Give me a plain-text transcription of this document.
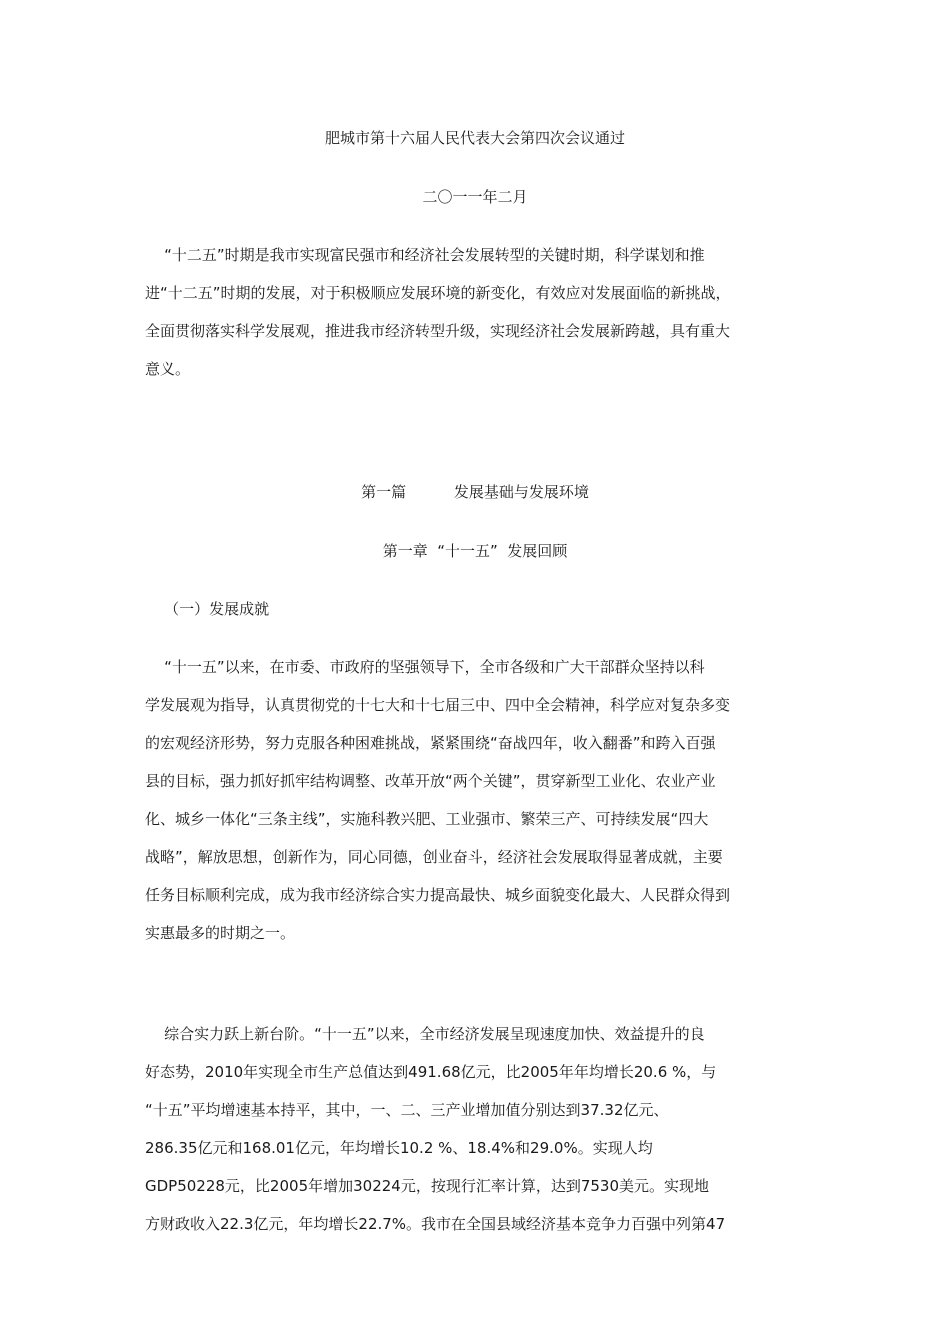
肥城市第十六届人民代表大会第四次会议通过
二〇一一年二月
“十二五”时期是我市实现富民强市和经济社会发展转型的关键时期，科学谋划和推
进“十二五”时期的发展，对于积极顺应发展环境的新变化，有效应对发展面临的新挑战，
全面贯彻落实科学发展观，推进我市经济转型升级，实现经济社会发展新跨越，具有重大
意义。
第一篇          发展基础与发展环境
第一章  “十一五”  发展回顾
（一）发展成就
“十一五”以来，在市委、市政府的坚强领导下，全市各级和广大干部群众坚持以科
学发展观为指导，认真贯彻党的十七大和十七届三中、四中全会精神，科学应对复杂多变
的宏观经济形势，努力克服各种困难挑战，紧紧围绕“奋战四年，收入翻番”和跨入百强
县的目标，强力抓好抓牢结构调整、改革开放“两个关键”，贯穿新型工业化、农业产业
化、城乡一体化“三条主线”，实施科教兴肥、工业强市、繁荣三产、可持续发展“四大
战略”，解放思想，创新作为，同心同德，创业奋斗，经济社会发展取得显著成就，主要
任务目标顺利完成，成为我市经济综合实力提高最快、城乡面貌变化最大、人民群众得到
实惠最多的时期之一。
综合实力跃上新台阶。“十一五”以来，全市经济发展呈现速度加快、效益提升的良
好态势，2010年实现全市生产总值达到491.68亿元，比2005年年均增长20.6 %，与
“十五”平均增速基本持平，其中，一、二、三产业增加值分别达到37.32亿元、
286.35亿元和168.01亿元，年均增长10.2 %、18.4%和29.0%。实现人均
GDP50228元，比2005年增加30224元，按现行汇率计算，达到7530美元。实现地
方财政收入22.3亿元，年均增长22.7%。我市在全国县域经济基本竞争力百强中列第47
